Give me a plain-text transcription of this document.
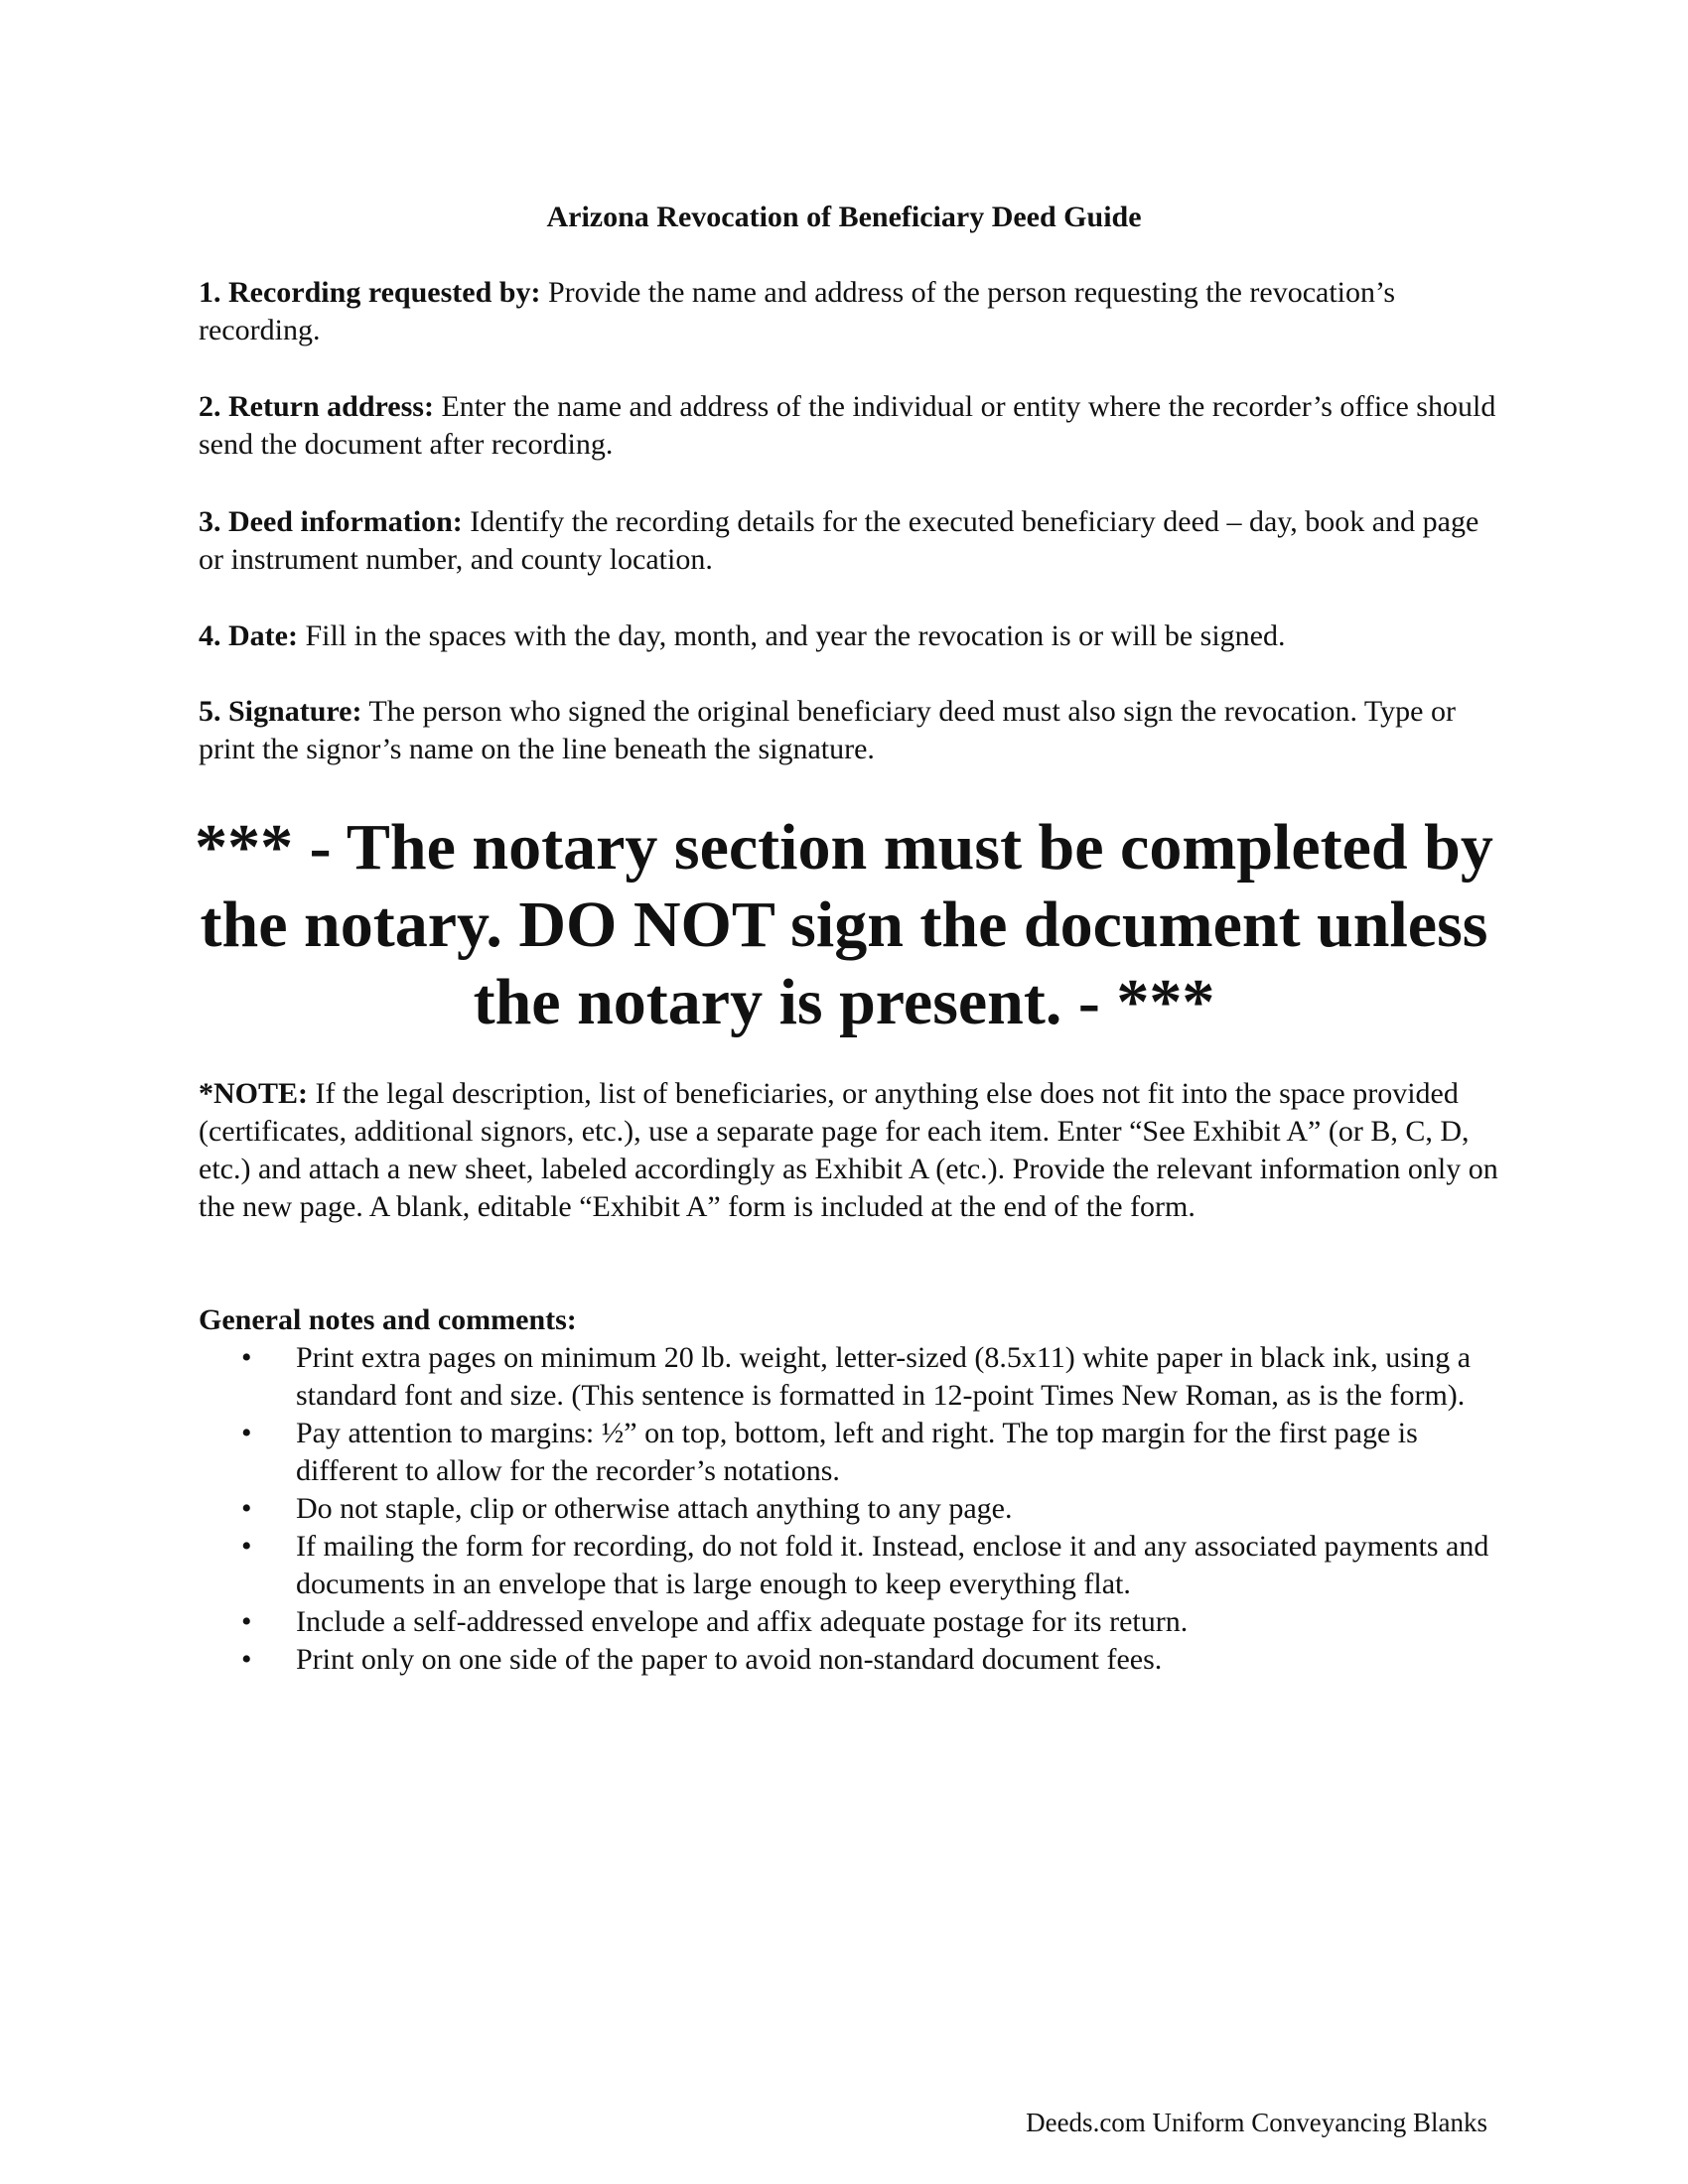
Arizona Revocation of Beneficiary Deed Guide

1. Recording requested by: Provide the name and address of the person requesting the revocation’s recording.

2. Return address: Enter the name and address of the individual or entity where the recorder’s office should send the document after recording.

3. Deed information: Identify the recording details for the executed beneficiary deed – day, book and page or instrument number, and county location.

4. Date: Fill in the spaces with the day, month, and year the revocation is or will be signed.

5. Signature: The person who signed the original beneficiary deed must also sign the revocation. Type or print the signor’s name on the line beneath the signature.

*** - The notary section must be completed by the notary. DO NOT sign the document unless the notary is present. - ***

*NOTE: If the legal description, list of beneficiaries, or anything else does not fit into the space provided (certificates, additional signors, etc.), use a separate page for each item. Enter “See Exhibit A” (or B, C, D, etc.) and attach a new sheet, labeled accordingly as Exhibit A (etc.). Provide the relevant information only on the new page. A blank, editable “Exhibit A” form is included at the end of the form.

General notes and comments:
• Print extra pages on minimum 20 lb. weight, letter-sized (8.5x11) white paper in black ink, using a standard font and size. (This sentence is formatted in 12-point Times New Roman, as is the form).
• Pay attention to margins: ½” on top, bottom, left and right. The top margin for the first page is different to allow for the recorder’s notations.
• Do not staple, clip or otherwise attach anything to any page.
• If mailing the form for recording, do not fold it. Instead, enclose it and any associated payments and documents in an envelope that is large enough to keep everything flat.
• Include a self-addressed envelope and affix adequate postage for its return.
• Print only on one side of the paper to avoid non-standard document fees.
Deeds.com Uniform Conveyancing Blanks
